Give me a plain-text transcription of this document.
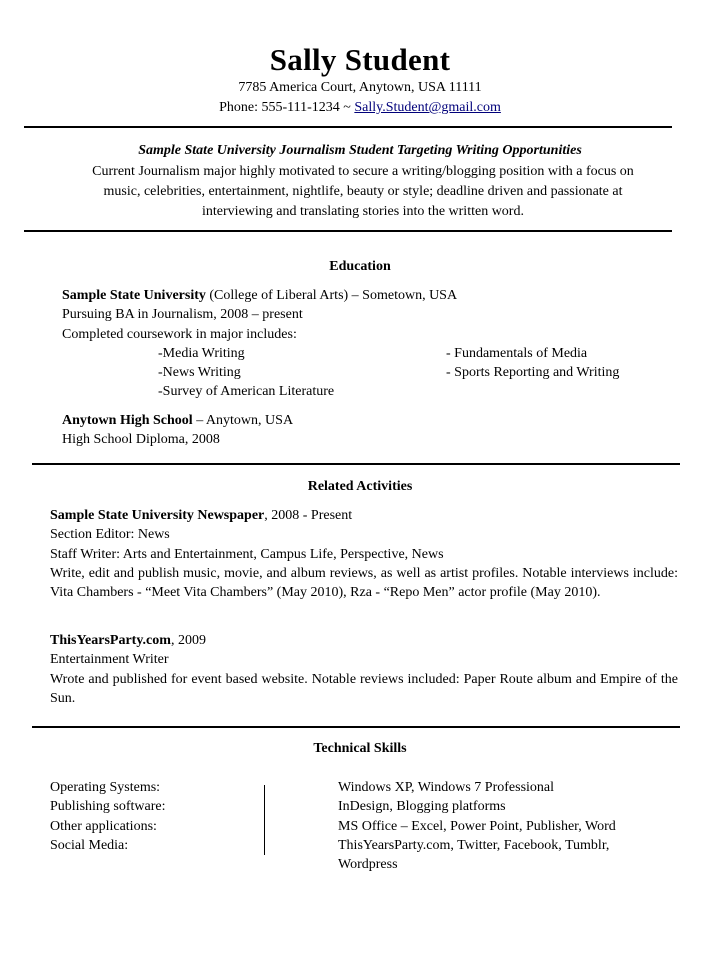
Sally Student
7785 America Court, Anytown, USA 11111
Phone: 555-111-1234 ~ Sally.Student@gmail.com
Sample State University Journalism Student Targeting Writing Opportunities
Current Journalism major highly motivated to secure a writing/blogging position with a focus on
music, celebrities, entertainment, nightlife, beauty or style; deadline driven and passionate at
interviewing and translating stories into the written word.
Education

Sample State University (College of Liberal Arts) – Sometown, USA

Pursuing BA in Journalism, 2008 – present

Completed coursework in major includes:

-Media Writing
-News Writing
-Survey of American Literature
- Fundamentals of Media
- Sports Reporting and Writing

Anytown High School – Anytown, USA

High School Diploma, 2008

Related Activities

Sample State University Newspaper, 2008 - Present

Section Editor: News

Staff Writer: Arts and Entertainment, Campus Life, Perspective, News

Write, edit and publish music, movie, and album reviews, as well as artist profiles. Notable interviews include: Vita Chambers - “Meet Vita Chambers” (May 2010), Rza - “Repo Men” actor profile (May 2010).

ThisYearsParty.com, 2009

Entertainment Writer

Wrote and published for event based website. Notable reviews included: Paper Route album and Empire of the Sun.

Technical Skills
Operating Systems:
Publishing software:
Other applications:
Social Media:
Windows XP, Windows 7 Professional
InDesign, Blogging platforms
MS Office – Excel, Power Point, Publisher, Word
ThisYearsParty.com, Twitter, Facebook, Tumblr,
Wordpress
